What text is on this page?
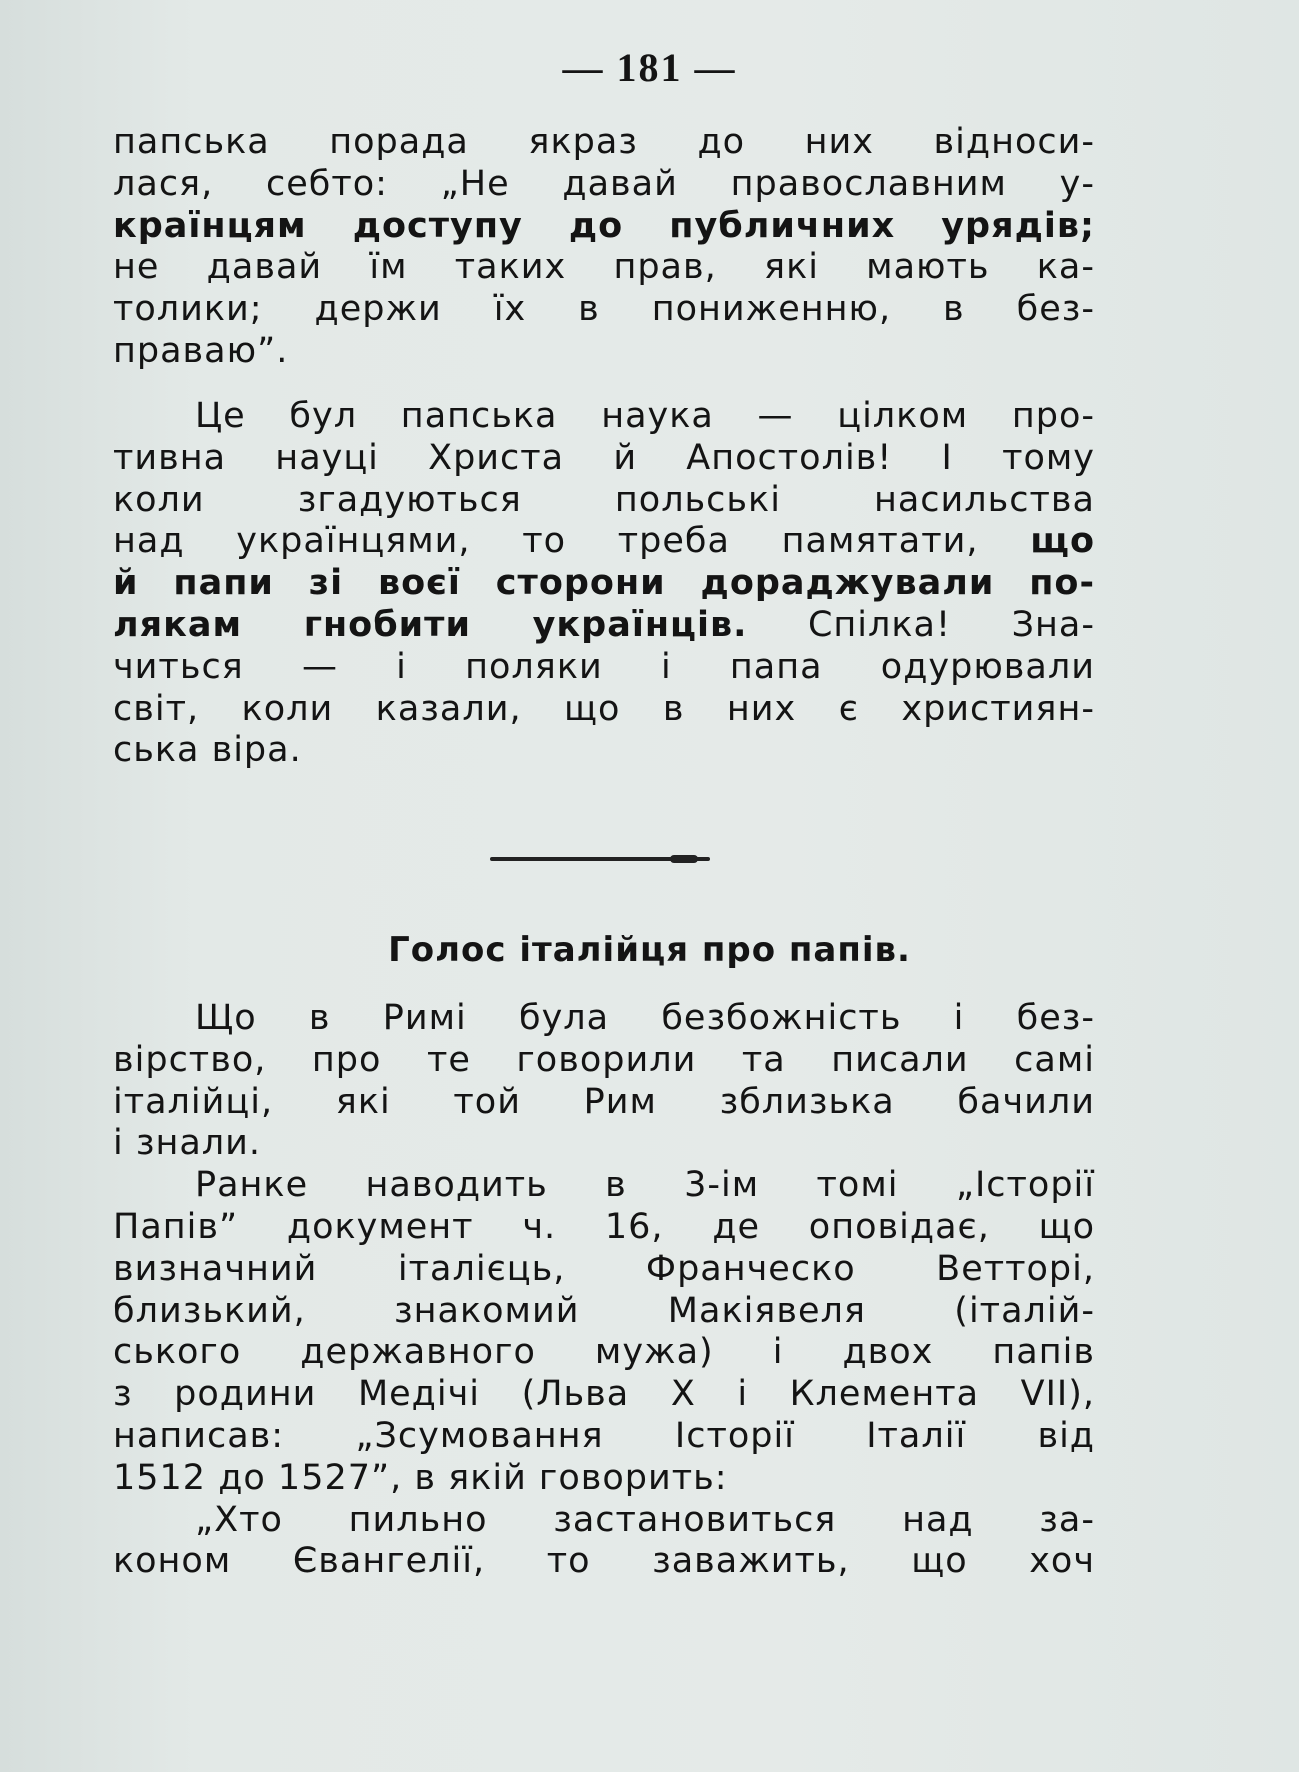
— 181 —
папська порада якраз до них відноси-
лася, себто: „Не давай православним у-
країнцям доступу до публичних урядів;
не давай їм таких прав, які мають ка-
толики; держи їх в пониженню, в без-
праваю”.
Це бул папська наука — цілком про-
тивна науці Христа й Апостолів! І тому
коли згадуються польські насильства
над українцями, то треба памятати, що
й папи зі воєї сторони дораджували по-
лякам гнобити українців. Спілка! Зна-
читься — і поляки і папа одурювали
світ, коли казали, що в них є християн-
ська віра.
Голос італійця про папів.
Що в Римі була безбожність і без-
вірство, про те говорили та писали самі
італійці, які той Рим зблизька бачили
і знали.
Ранке наводить в 3-ім томі „Історії
Папів” документ ч. 16, де оповідає, що
визначний італієць, Франческо Ветторі,
близький, знакомий Макіявеля (італій-
ського державного мужа) і двох папів
з родини Медічі (Льва X і Клемента VII),
написав: „Зсумовання Історії Італії від
1512 до 1527”, в якій говорить:
„Хто пильно застановиться над за-
коном Євангелії, то заважить, що хоч
